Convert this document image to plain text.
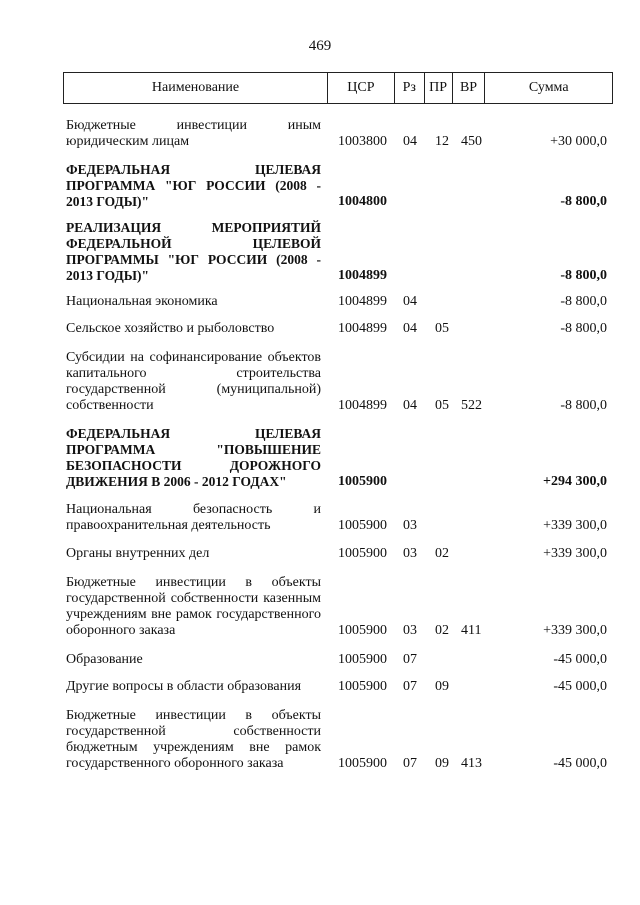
469
Наименование	ЦСР	Рз ПР ВР	Сумма
Бюджетные инвестиции иным юридическим лицам	1003800 04 12 450	+30 000,0
ФЕДЕРАЛЬНАЯ ЦЕЛЕВАЯ ПРОГРАММА "ЮГ РОССИИ (2008 - 2013 ГОДЫ)"	1004800	-8 800,0
РЕАЛИЗАЦИЯ МЕРОПРИЯТИЙ ФЕДЕРАЛЬНОЙ ЦЕЛЕВОЙ ПРОГРАММЫ "ЮГ РОССИИ (2008 - 2013 ГОДЫ)"	1004899	-8 800,0
Национальная экономика	1004899 04	-8 800,0
Сельское хозяйство и рыболовство	1004899 04 05	-8 800,0
Субсидии на софинансирование объектов капитального строительства государственной (муниципальной) собственности	1004899 04 05 522	-8 800,0
ФЕДЕРАЛЬНАЯ ЦЕЛЕВАЯ ПРОГРАММА "ПОВЫШЕНИЕ БЕЗОПАСНОСТИ ДОРОЖНОГО ДВИЖЕНИЯ В 2006 - 2012 ГОДАХ"	1005900	+294 300,0
Национальная безопасность и правоохранительная деятельность	1005900 03	+339 300,0
Органы внутренних дел	1005900 03 02	+339 300,0
Бюджетные инвестиции в объекты государственной собственности казенным учреждениям вне рамок государственного оборонного заказа	1005900 03 02 411	+339 300,0
Образование	1005900 07	-45 000,0
Другие вопросы в области образования	1005900 07 09	-45 000,0
Бюджетные инвестиции в объекты государственной собственности бюджетным учреждениям вне рамок государственного оборонного заказа	1005900 07 09 413	-45 000,0
